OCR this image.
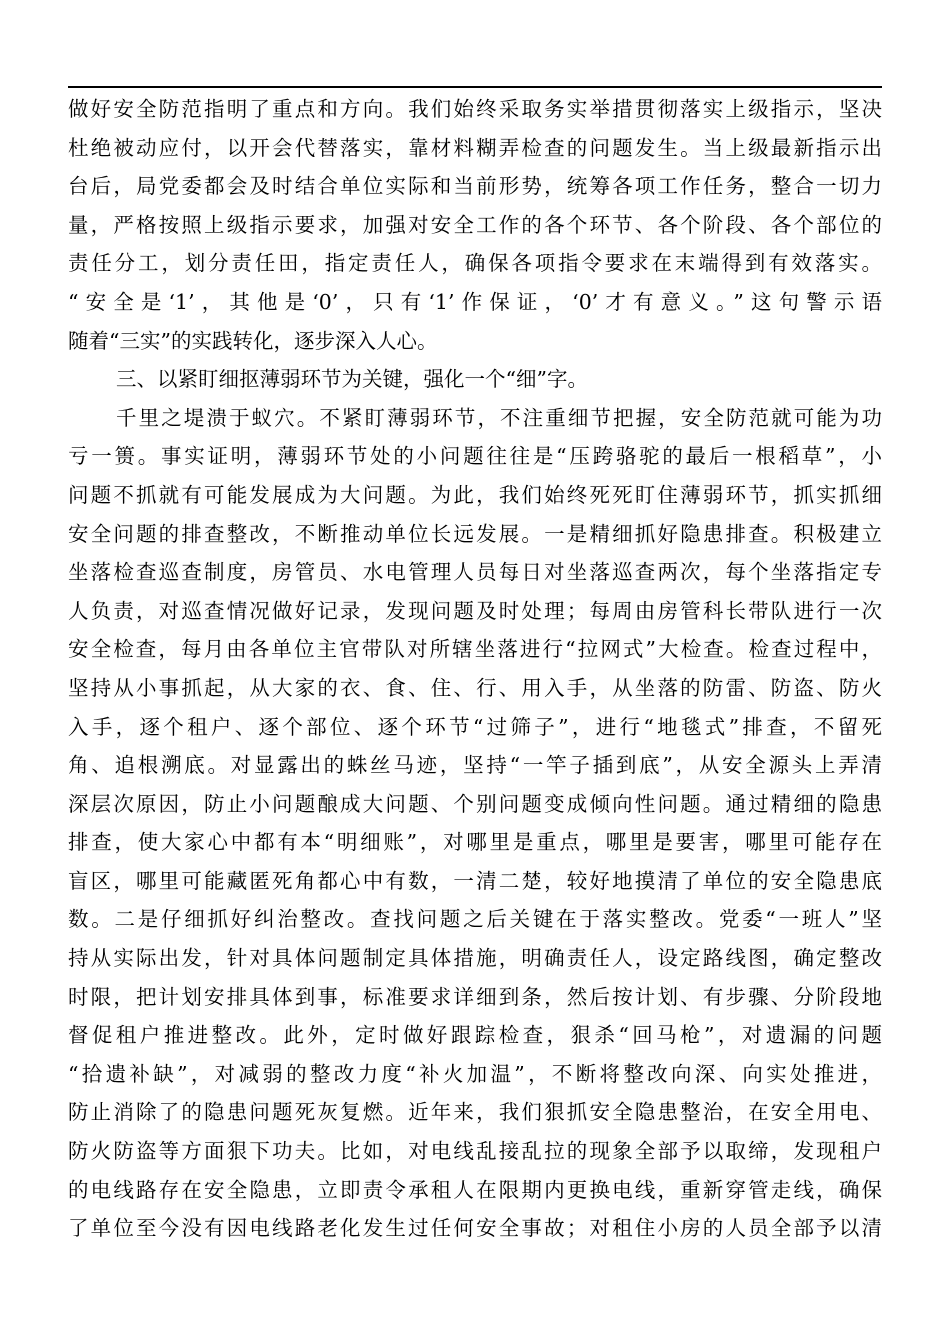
做好安全防范指明了重点和方向。我们始终采取务实举措贯彻落实上级指示，坚决
杜绝被动应付，以开会代替落实，靠材料糊弄检查的问题发生。当上级最新指示出
台后，局党委都会及时结合单位实际和当前形势，统筹各项工作任务，整合一切力
量，严格按照上级指示要求，加强对安全工作的各个环节、各个阶段、各个部位的
责任分工，划分责任田，指定责任人，确保各项指令要求在末端得到有效落实。
“安全是‘1’，其他是‘0’，只有‘1’作保证，‘0’才有意义。”这句警示语
随着“三实”的实践转化，逐步深入人心。
三、以紧盯细抠薄弱环节为关键，强化一个“细”字。
千里之堤溃于蚁穴。不紧盯薄弱环节，不注重细节把握，安全防范就可能为功
亏一篑。事实证明，薄弱环节处的小问题往往是“压跨骆驼的最后一根稻草”，小
问题不抓就有可能发展成为大问题。为此，我们始终死死盯住薄弱环节，抓实抓细
安全问题的排查整改，不断推动单位长远发展。一是精细抓好隐患排查。积极建立
坐落检查巡查制度，房管员、水电管理人员每日对坐落巡查两次，每个坐落指定专
人负责，对巡查情况做好记录，发现问题及时处理；每周由房管科长带队进行一次
安全检查，每月由各单位主官带队对所辖坐落进行“拉网式”大检查。检查过程中，
坚持从小事抓起，从大家的衣、食、住、行、用入手，从坐落的防雷、防盗、防火
入手，逐个租户、逐个部位、逐个环节“过筛子”，进行“地毯式”排查，不留死
角、追根溯底。对显露出的蛛丝马迹，坚持“一竿子插到底”，从安全源头上弄清
深层次原因，防止小问题酿成大问题、个别问题变成倾向性问题。通过精细的隐患
排查，使大家心中都有本“明细账”，对哪里是重点，哪里是要害，哪里可能存在
盲区，哪里可能藏匿死角都心中有数，一清二楚，较好地摸清了单位的安全隐患底
数。二是仔细抓好纠治整改。查找问题之后关键在于落实整改。党委“一班人”坚
持从实际出发，针对具体问题制定具体措施，明确责任人，设定路线图，确定整改
时限，把计划安排具体到事，标准要求详细到条，然后按计划、有步骤、分阶段地
督促租户推进整改。此外，定时做好跟踪检查，狠杀“回马枪”，对遗漏的问题
“拾遗补缺”，对减弱的整改力度“补火加温”，不断将整改向深、向实处推进，
防止消除了的隐患问题死灰复燃。近年来，我们狠抓安全隐患整治，在安全用电、
防火防盗等方面狠下功夫。比如，对电线乱接乱拉的现象全部予以取缔，发现租户
的电线路存在安全隐患，立即责令承租人在限期内更换电线，重新穿管走线，确保
了单位至今没有因电线路老化发生过任何安全事故；对租住小房的人员全部予以清
